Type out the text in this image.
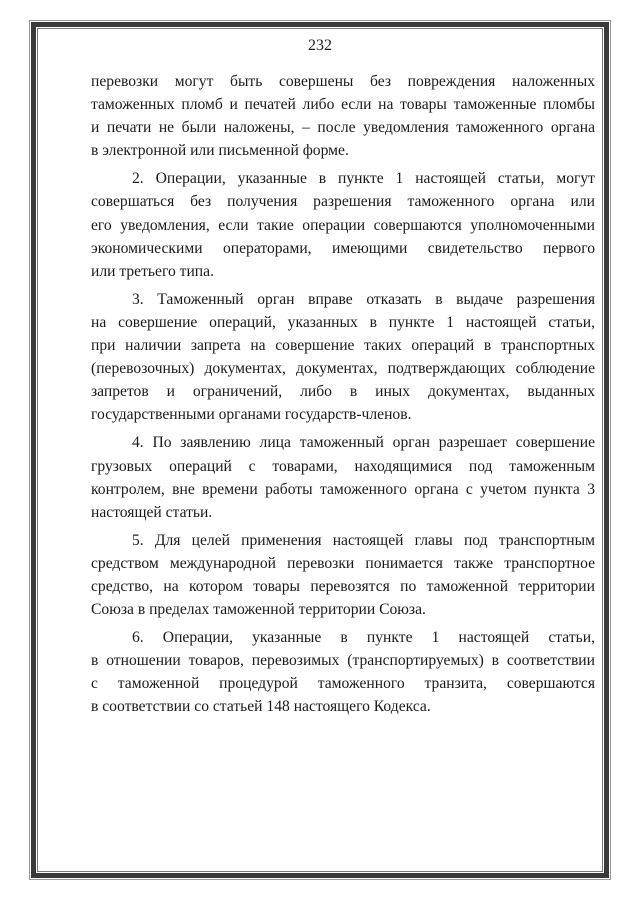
232

перевозки могут быть совершены без повреждения наложенных
таможенных пломб и печатей либо если на товары таможенные пломбы
и печати не были наложены, – после уведомления таможенного органа
в электронной или письменной форме.

2. Операции, указанные в пункте 1 настоящей статьи, могут
совершаться без получения разрешения таможенного органа или
его уведомления, если такие операции совершаются уполномоченными
экономическими операторами, имеющими свидетельство первого
или третьего типа.

3. Таможенный орган вправе отказать в выдаче разрешения
на совершение операций, указанных в пункте 1 настоящей статьи,
при наличии запрета на совершение таких операций в транспортных
(перевозочных) документах, документах, подтверждающих соблюдение
запретов и ограничений, либо в иных документах, выданных
государственными органами государств-членов.

4. По заявлению лица таможенный орган разрешает совершение
грузовых операций с товарами, находящимися под таможенным
контролем, вне времени работы таможенного органа с учетом пункта 3
настоящей статьи.

5. Для целей применения настоящей главы под транспортным
средством международной перевозки понимается также транспортное
средство, на котором товары перевозятся по таможенной территории
Союза в пределах таможенной территории Союза.

6. Операции, указанные в пункте 1 настоящей статьи,
в отношении товаров, перевозимых (транспортируемых) в соответствии
с таможенной процедурой таможенного транзита, совершаются
в соответствии со статьей 148 настоящего Кодекса.
